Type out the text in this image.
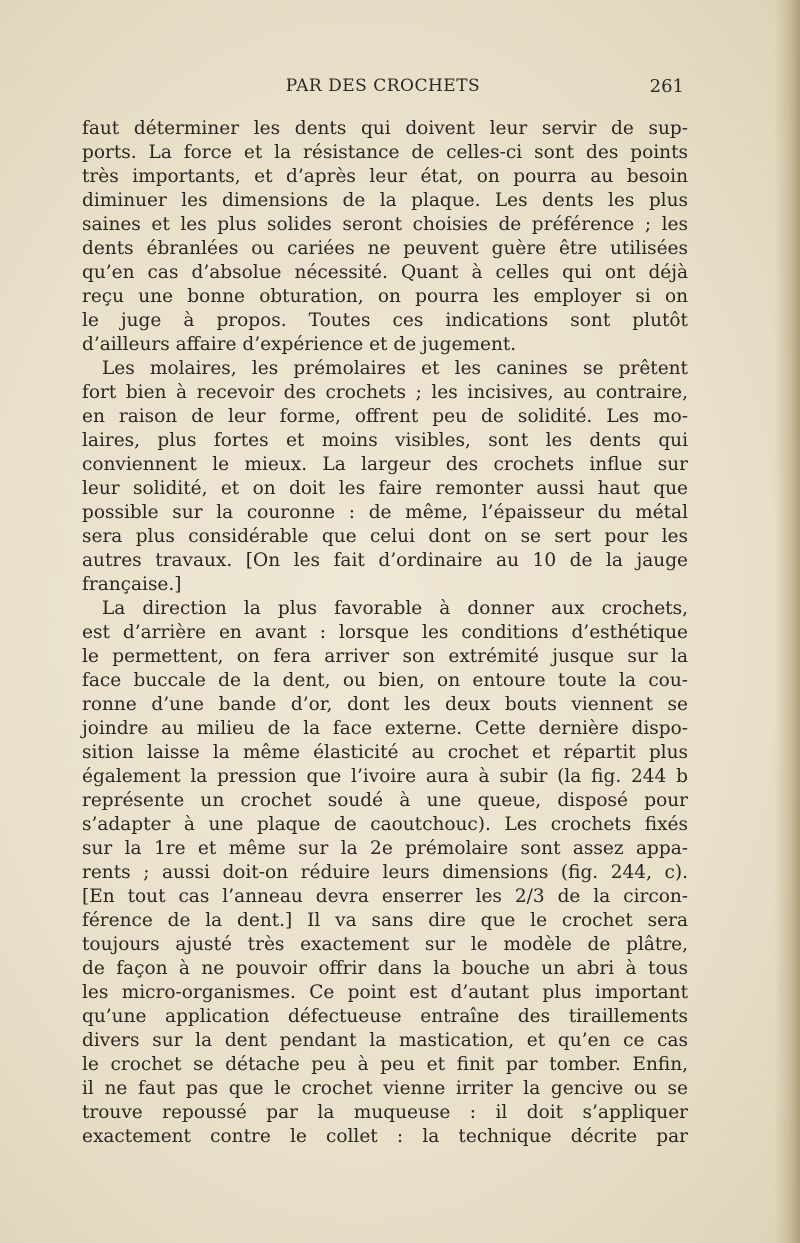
PAR DES CROCHETS	261
faut déterminer les dents qui doivent leur servir de sup-
ports. La force et la résistance de celles-ci sont des points
très importants, et d’après leur état, on pourra au besoin
diminuer les dimensions de la plaque. Les dents les plus
saines et les plus solides seront choisies de préférence ; les
dents ébranlées ou cariées ne peuvent guère être utilisées
qu’en cas d’absolue nécessité. Quant à celles qui ont déjà
reçu une bonne obturation, on pourra les employer si on
le juge à propos. Toutes ces indications sont plutôt
d’ailleurs affaire d’expérience et de jugement.
Les molaires, les prémolaires et les canines se prêtent
fort bien à recevoir des crochets ; les incisives, au contraire,
en raison de leur forme, offrent peu de solidité. Les mo-
laires, plus fortes et moins visibles, sont les dents qui
conviennent le mieux. La largeur des crochets influe sur
leur solidité, et on doit les faire remonter aussi haut que
possible sur la couronne : de même, l’épaisseur du métal
sera plus considérable que celui dont on se sert pour les
autres travaux. [On les fait d’ordinaire au 10 de la jauge
française.]
La direction la plus favorable à donner aux crochets,
est d’arrière en avant : lorsque les conditions d’esthétique
le permettent, on fera arriver son extrémité jusque sur la
face buccale de la dent, ou bien, on entoure toute la cou-
ronne d’une bande d’or, dont les deux bouts viennent se
joindre au milieu de la face externe. Cette dernière dispo-
sition laisse la même élasticité au crochet et répartit plus
également la pression que l’ivoire aura à subir (la fig. 244 b
représente un crochet soudé à une queue, disposé pour
s’adapter à une plaque de caoutchouc). Les crochets fixés
sur la 1re et même sur la 2e prémolaire sont assez appa-
rents ; aussi doit-on réduire leurs dimensions (fig. 244, c).
[En tout cas l’anneau devra enserrer les 2/3 de la circon-
férence de la dent.] Il va sans dire que le crochet sera
toujours ajusté très exactement sur le modèle de plâtre,
de façon à ne pouvoir offrir dans la bouche un abri à tous
les micro-organismes. Ce point est d’autant plus important
qu’une application défectueuse entraîne des tiraillements
divers sur la dent pendant la mastication, et qu’en ce cas
le crochet se détache peu à peu et finit par tomber. Enfin,
il ne faut pas que le crochet vienne irriter la gencive ou se
trouve repoussé par la muqueuse : il doit s’appliquer
exactement contre le collet : la technique décrite par
